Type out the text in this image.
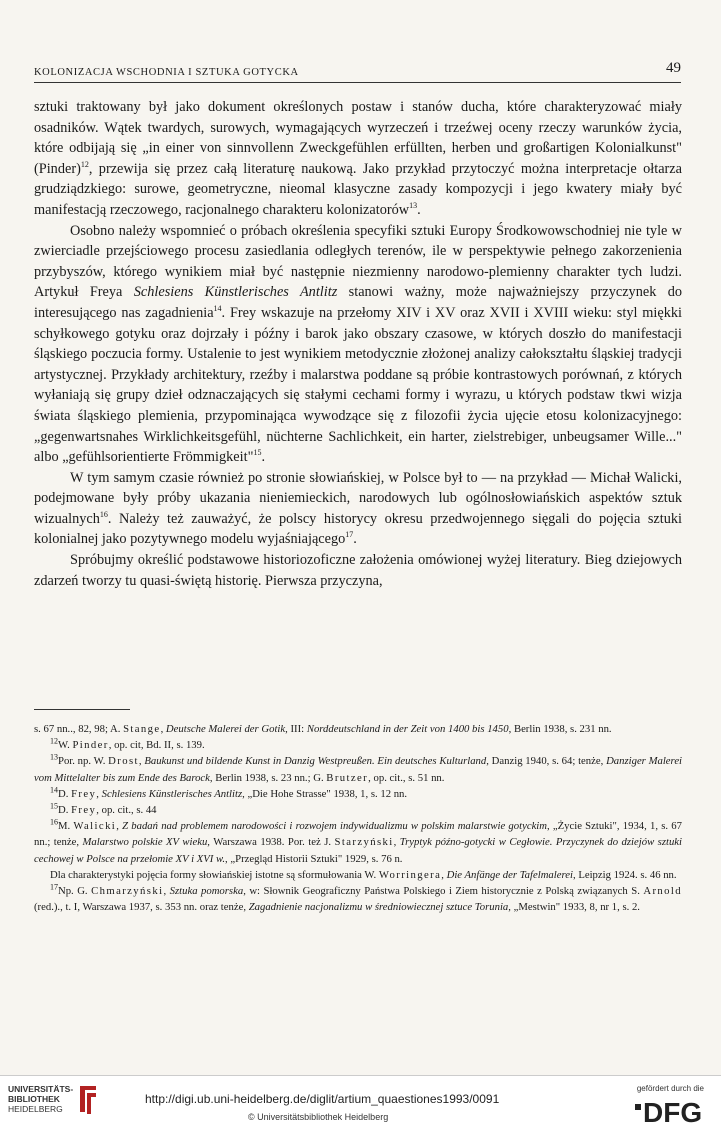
KOLONIZACJA WSCHODNIA I SZTUKA GOTYCKA	49

sztuki traktowany był jako dokument określonych postaw i stanów ducha, które charakteryzować miały osadników. Wątek twardych, surowych, wymagających wyrzeczeń i trzeźwej oceny rzeczy warunków życia, które odbijają się „in einer von sinnvollenn Zweckgefühlen erfüllten, herben und großartigen Kolonialkunst" (Pinder)$^{12}$, przewija się przez całą literaturę naukową. Jako przykład przytoczyć można interpretacje ołtarza grudziądzkiego: surowe, geometryczne, nieomal klasyczne zasady kompozycji i jego kwatery miały być manifestacją rzeczowego, racjonalnego charakteru kolonizatorów$^{13}$.

Osobno należy wspomnieć o próbach określenia specyfiki sztuki Europy Środkowowschodniej nie tyle w zwierciadle przejściowego procesu zasiedlania odległych terenów, ile w perspektywie pełnego zakorzenienia przybyszów, którego wynikiem miał być następnie niezmienny narodowo-plemienny charakter tych ludzi. Artykuł Freya Schlesiens Künstlerisches Antlitz stanowi ważny, może najważniejszy przyczynek do interesującego nas zagadnienia$^{14}$. Frey wskazuje na przełomy XIV i XV oraz XVII i XVIII wieku: styl miękki schyłkowego gotyku oraz dojrzały i późny i barok jako obszary czasowe, w których doszło do manifestacji śląskiego poczucia formy. Ustalenie to jest wynikiem metodycznie złożonej analizy całokształtu śląskiej tradycji artystycznej. Przykłady architektury, rzeźby i malarstwa poddane są próbie kontrastowych porównań, z których wyłaniają się grupy dzieł odznaczających się stałymi cechami formy i wyrazu, u których podstaw tkwi wizja świata śląskiego plemienia, przypominająca wywodzące się z filozofii życia ujęcie etosu kolonizacyjnego: „gegenwartsnahes Wirklichkeitsgefühl, nüchterne Sachlichkeit, ein harter, zielstrebiger, unbeugsamer Wille..." albo „gefühlsorientierte Frömmigkeit"$^{15}$.

W tym samym czasie również po stronie słowiańskiej, w Polsce był to — na przykład — Michał Walicki, podejmowane były próby ukazania nieniemieckich, narodowych lub ogólnosłowiańskich aspektów sztuk wizualnych$^{16}$. Należy też zauważyć, że polscy historycy okresu przedwojennego sięgali do pojęcia sztuki kolonialnej jako pozytywnego modelu wyjaśniającego$^{17}$.

Spróbujmy określić podstawowe historiozoficzne założenia omówionej wyżej literatury. Bieg dziejowych zdarzeń tworzy tu quasi-świętą historię. Pierwsza przyczyna,

s. 67 nn.., 82, 98; A. Stange, Deutsche Malerei der Gotik, III: Norddeutschland in der Zeit von 1400 bis 1450, Berlin 1938, s. 231 nn.

$^{12}$W. Pinder, op. cit, Bd. II, s. 139.

$^{13}$Por. np. W. Drost, Baukunst und bildende Kunst in Danzig Westpreußen. Ein deutsches Kulturland, Danzig 1940, s. 64; tenże, Danziger Malerei vom Mittelalter bis zum Ende des Barock, Berlin 1938, s. 23 nn.; G. Brutzer, op. cit., s. 51 nn.

$^{14}$D. Frey, Schlesiens Künstlerisches Antlitz, „Die Hohe Strasse" 1938, 1, s. 12 nn.

$^{15}$D. Frey, op. cit., s. 44

$^{16}$M. Walicki, Z badań nad problemem narodowości i rozwojem indywidualizmu w polskim malarstwie gotyckim, „Życie Sztuki", 1934, 1, s. 67 nn.; tenże, Malarstwo polskie XV wieku, Warszawa 1938. Por. też J. Starzyński, Tryptyk późno-gotycki w Cegłowie. Przyczynek do dziejów sztuki cechowej w Polsce na przełomie XV i XVI w., „Przegląd Historii Sztuki" 1929, s. 76 n.

Dla charakterystyki pojęcia formy słowiańskiej istotne są sformułowania W. Worringera, Die Anfänge der Tafelmalerei, Leipzig 1924. s. 46 nn.

$^{17}$Np. G. Chmarzyński, Sztuka pomorska, w: Słownik Geograficzny Państwa Polskiego i Ziem historycznie z Polską związanych S. Arnold (red.)., t. I, Warszawa 1937, s. 353 nn. oraz tenże, Zagadnienie nacjonalizmu w średniowiecznej sztuce Torunia, „Mestwin" 1933, 8, nr 1, s. 2.

UNIVERSITÄTS-
BIBLIOTHEK
HEIDELBERG
http://digi.ub.uni-heidelberg.de/diglit/artium_quaestiones1993/0091
© Universitätsbibliothek Heidelberg
gefördert durch die
DFG
